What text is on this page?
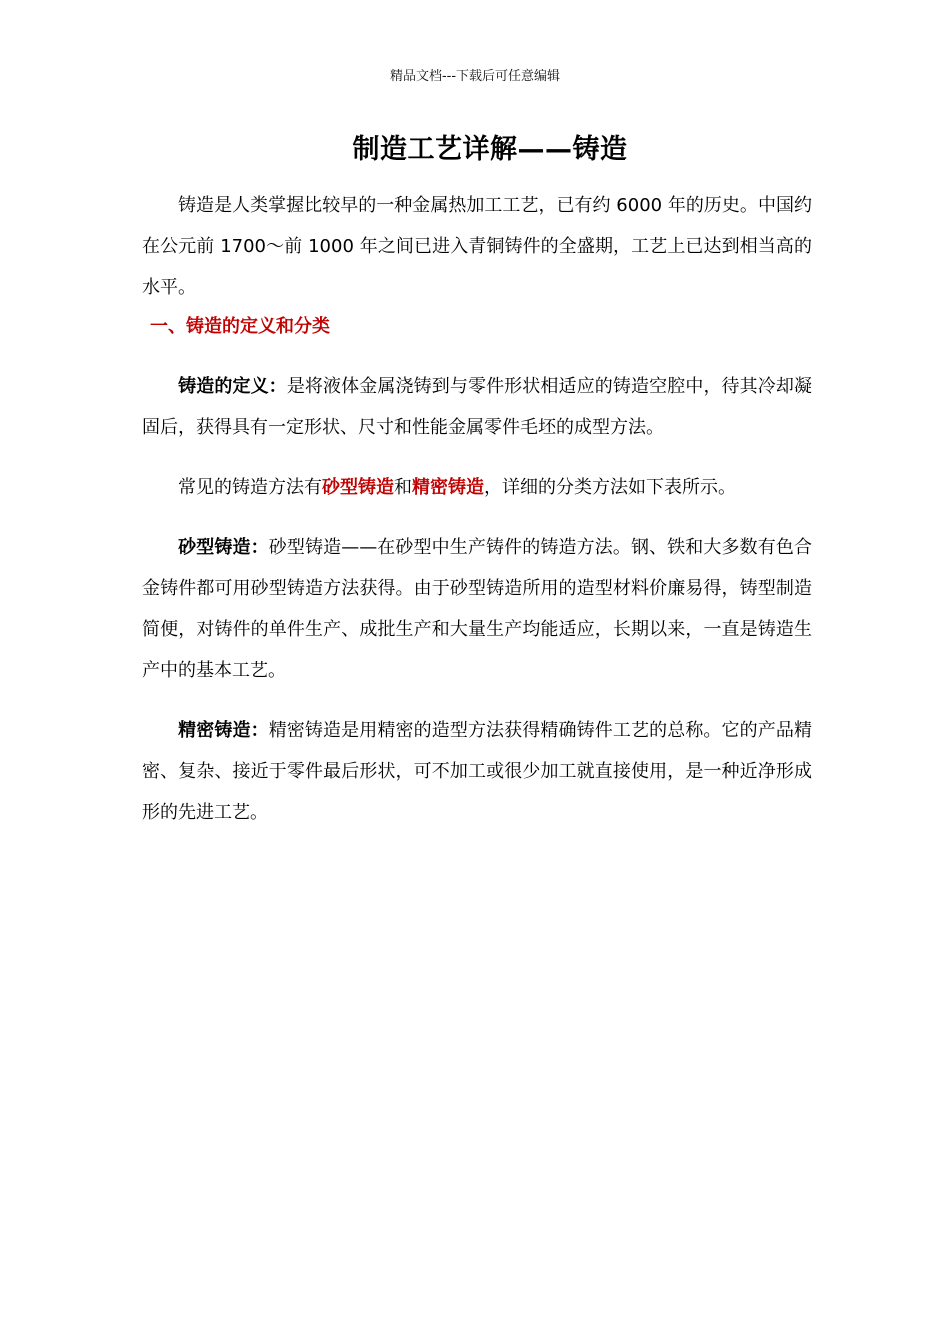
精品文档---下载后可任意编辑
制造工艺详解——铸造

铸造是人类掌握比较早的一种金属热加工工艺，已有约 6000 年的历史。中国约在公元前 1700～前 1000 年之间已进入青铜铸件的全盛期，工艺上已达到相当高的水平。

一、铸造的定义和分类

铸造的定义：是将液体金属浇铸到与零件形状相适应的铸造空腔中，待其冷却凝固后，获得具有一定形状、尺寸和性能金属零件毛坯的成型方法。

常见的铸造方法有砂型铸造和精密铸造，详细的分类方法如下表所示。

砂型铸造：砂型铸造——在砂型中生产铸件的铸造方法。钢、铁和大多数有色合金铸件都可用砂型铸造方法获得。由于砂型铸造所用的造型材料价廉易得，铸型制造简便，对铸件的单件生产、成批生产和大量生产均能适应，长期以来，一直是铸造生产中的基本工艺。

精密铸造：精密铸造是用精密的造型方法获得精确铸件工艺的总称。它的产品精密、复杂、接近于零件最后形状，可不加工或很少加工就直接使用，是一种近净形成形的先进工艺。
